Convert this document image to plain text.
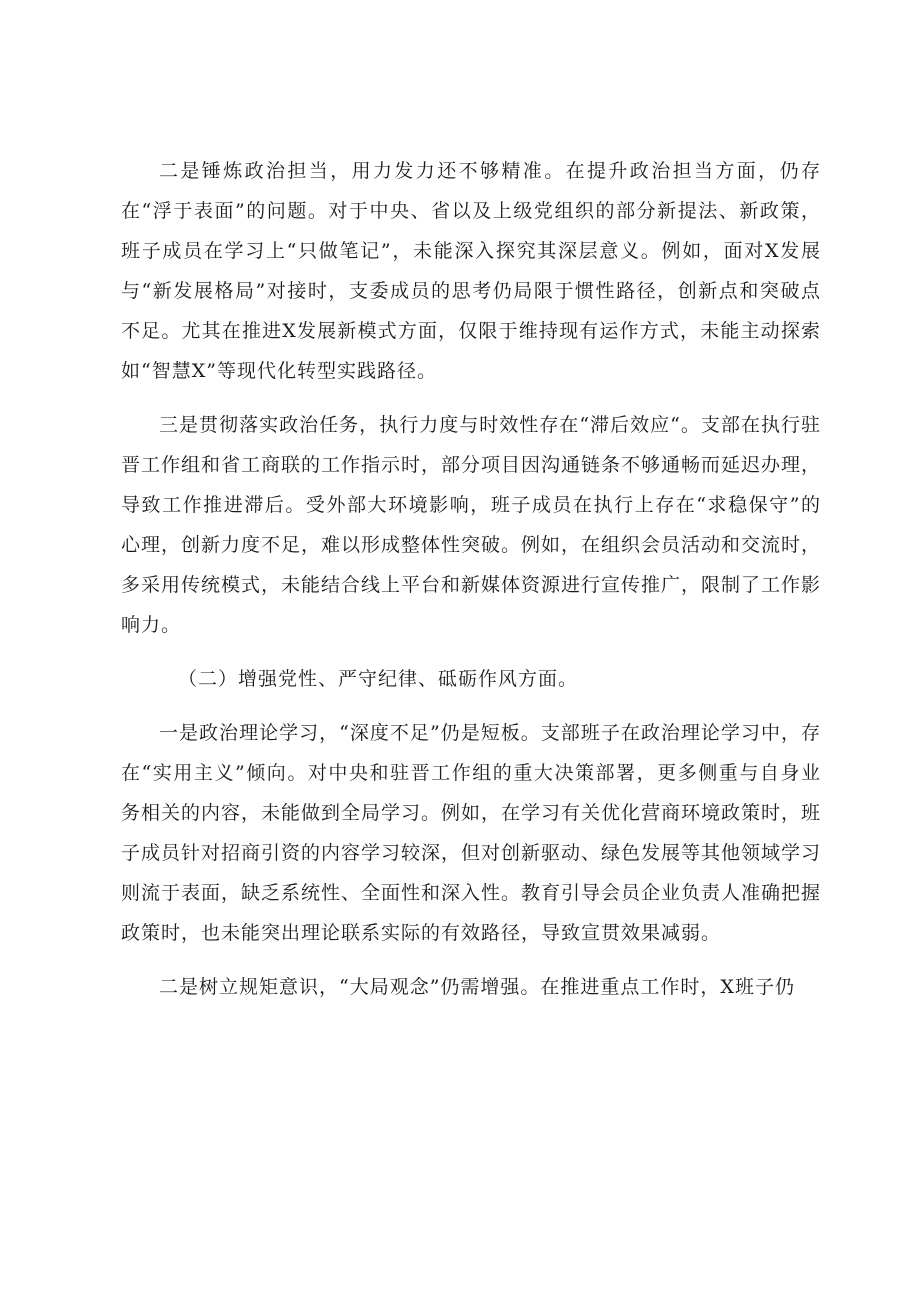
二是锤炼政治担当，用力发力还不够精准。在提升政治担当方面，仍存在“浮于表面”的问题。对于中央、省以及上级党组织的部分新提法、新政策，班子成员在学习上“只做笔记”，未能深入探究其深层意义。例如，面对X发展与“新发展格局”对接时，支委成员的思考仍局限于惯性路径，创新点和突破点不足。尤其在推进X发展新模式方面，仅限于维持现有运作方式，未能主动探索如“智慧X”等现代化转型实践路径。

三是贯彻落实政治任务，执行力度与时效性存在“滞后效应“。支部在执行驻晋工作组和省工商联的工作指示时，部分项目因沟通链条不够通畅而延迟办理，导致工作推进滞后。受外部大环境影响，班子成员在执行上存在“求稳保守”的心理，创新力度不足，难以形成整体性突破。例如，在组织会员活动和交流时，多采用传统模式，未能结合线上平台和新媒体资源进行宣传推广，限制了工作影响力。

（二）增强党性、严守纪律、砥砺作风方面。

一是政治理论学习，“深度不足”仍是短板。支部班子在政治理论学习中，存在“实用主义”倾向。对中央和驻晋工作组的重大决策部署，更多侧重与自身业务相关的内容，未能做到全局学习。例如，在学习有关优化营商环境政策时，班子成员针对招商引资的内容学习较深，但对创新驱动、绿色发展等其他领域学习则流于表面，缺乏系统性、全面性和深入性。教育引导会员企业负责人准确把握政策时，也未能突出理论联系实际的有效路径，导致宣贯效果减弱。

二是树立规矩意识，“大局观念”仍需增强。在推进重点工作时，X班子仍
